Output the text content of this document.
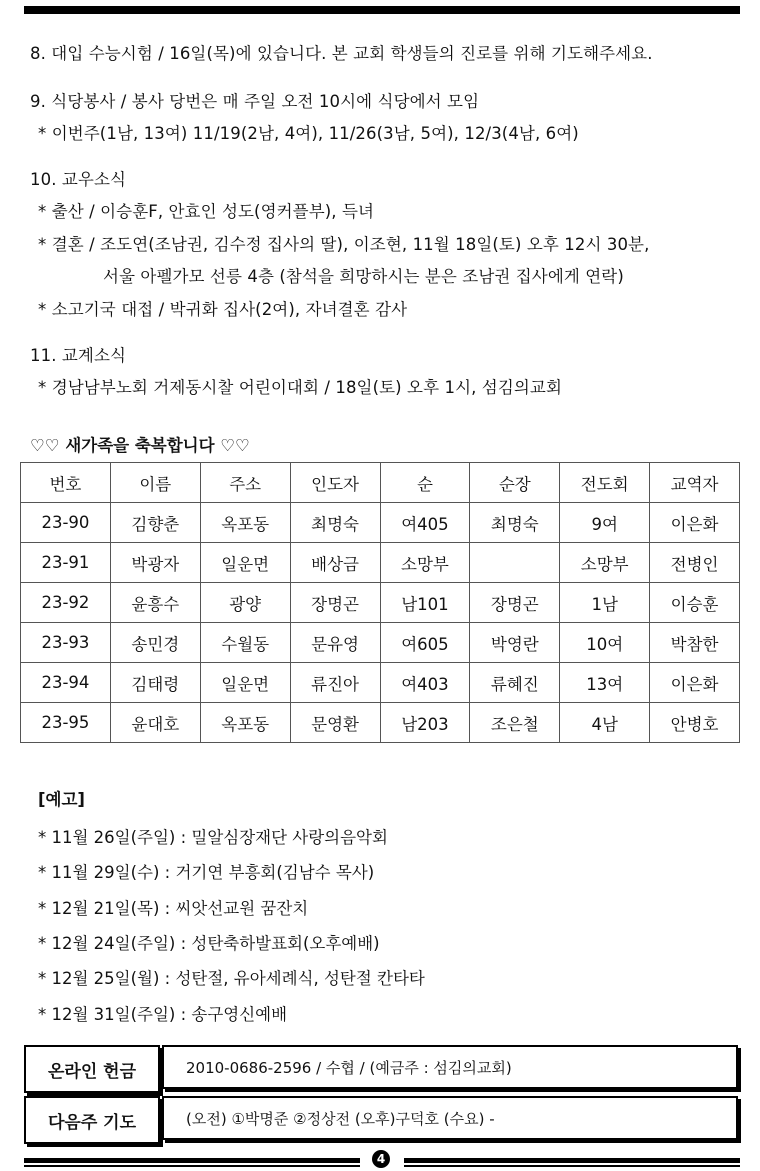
8. 대입 수능시험 / 16일(목)에 있습니다. 본 교회 학생들의 진로를 위해 기도해주세요.
9. 식당봉사 / 봉사 당번은 매 주일 오전 10시에 식당에서 모임
* 이번주(1남, 13여) 11/19(2남, 4여), 11/26(3남, 5여), 12/3(4남, 6여)
10. 교우소식
* 출산 / 이승훈F, 안효인 성도(영커플부), 득녀
* 결혼 / 조도연(조남권, 김수정 집사의 딸), 이조현, 11월 18일(토) 오후 12시 30분,
서울 아펠가모 선릉 4층 (참석을 희망하시는 분은 조남권 집사에게 연락)
* 소고기국 대접 / 박귀화 집사(2여), 자녀결혼 감사
11. 교계소식
* 경남남부노회 거제동시찰 어린이대회 / 18일(토) 오후 1시, 섬김의교회
♡♡ 새가족을 축복합니다 ♡♡
번호	이름	주소	인도자	순	순장	전도회	교역자
23-90	김향춘	옥포동	최명숙	여405	최명숙	9여	이은화
23-91	박광자	일운면	배상금	소망부		소망부	전병인
23-92	윤흥수	광양	장명곤	남101	장명곤	1남	이승훈
23-93	송민경	수월동	문유영	여605	박영란	10여	박참한
23-94	김태령	일운면	류진아	여403	류혜진	13여	이은화
23-95	윤대호	옥포동	문영환	남203	조은철	4남	안병호
[예고]
* 11월 26일(주일) : 밀알심장재단 사랑의음악회
* 11월 29일(수) : 거기연 부흥회(김남수 목사)
* 12월 21일(목) : 씨앗선교원 꿈잔치
* 12월 24일(주일) : 성탄축하발표회(오후예배)
* 12월 25일(월) : 성탄절, 유아세례식, 성탄절 칸타타
* 12월 31일(주일) : 송구영신예배
온라인 헌금	2010-0686-2596 / 수협 / (예금주 : 섬김의교회)
다음주 기도	(오전) ①박명준 ②정상전 (오후)구덕호 (수요) -
4
